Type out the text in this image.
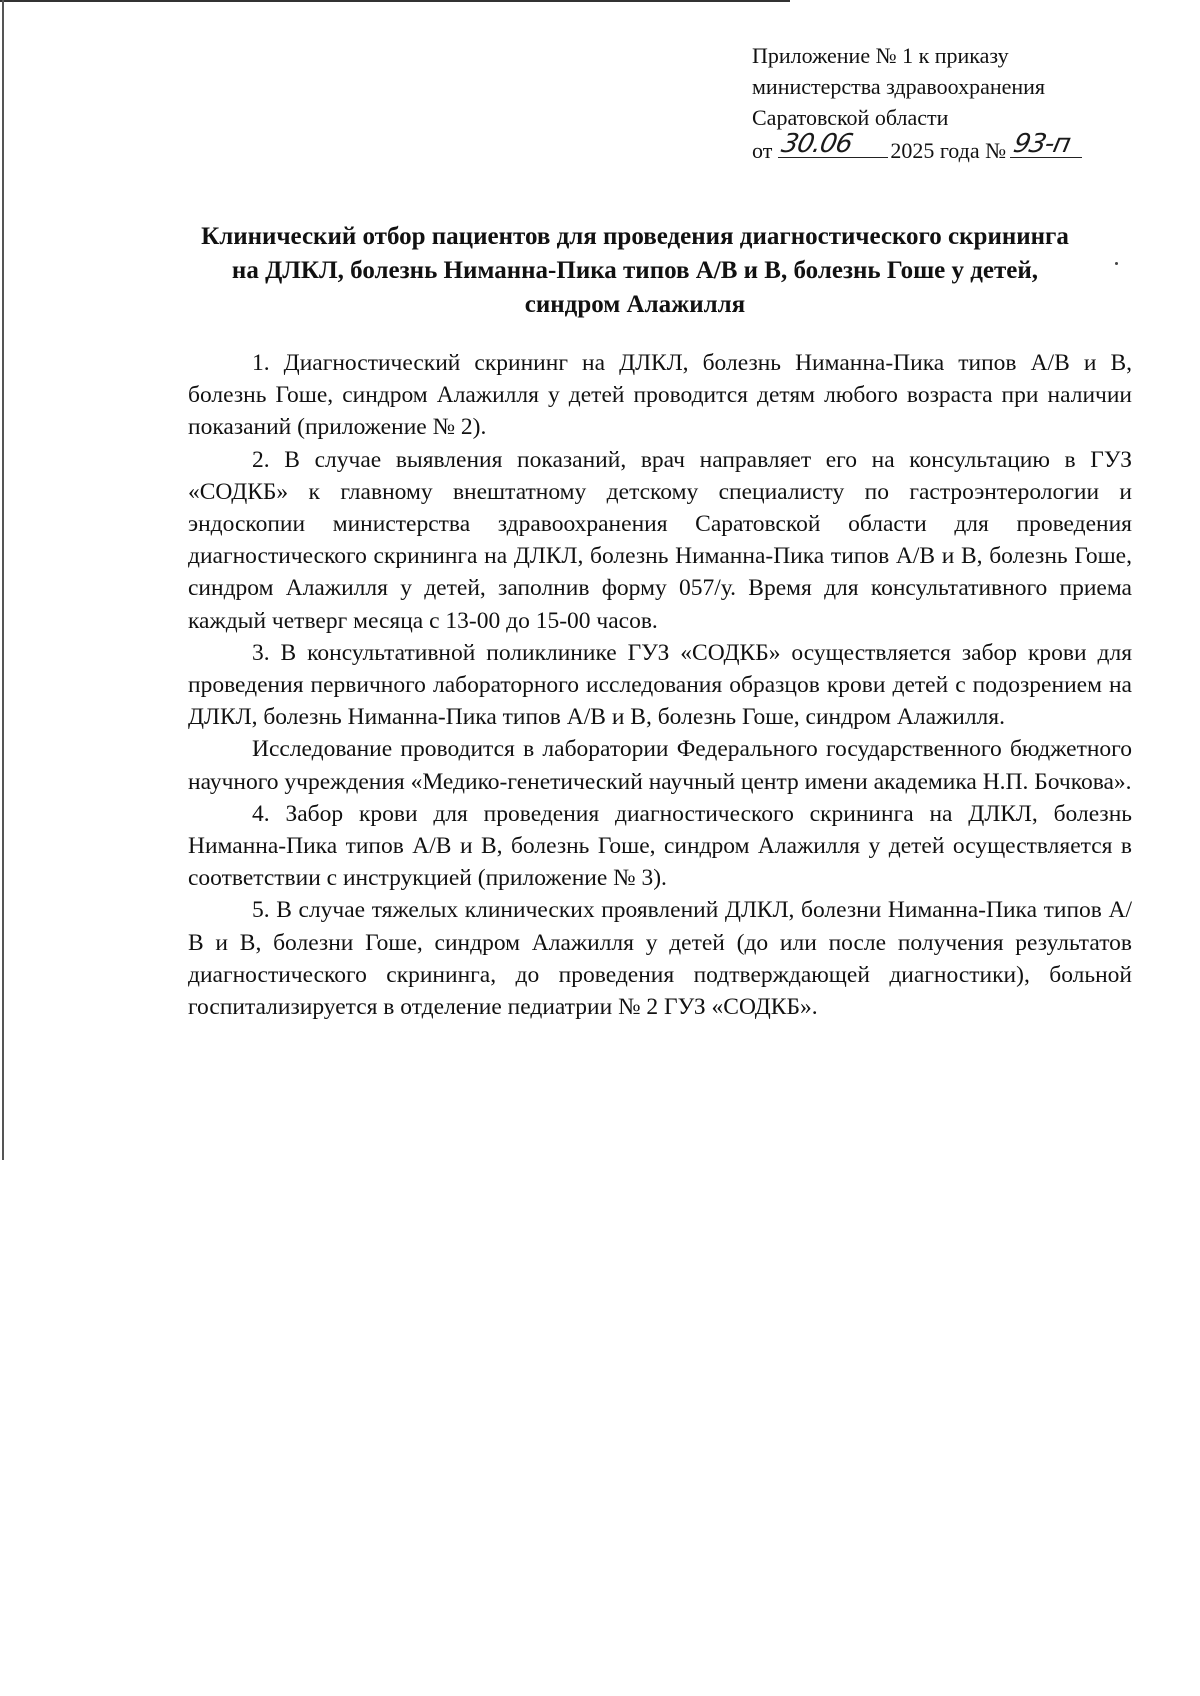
Приложение № 1 к приказу
министерства здравоохранения
Саратовской области
от 30.06 2025 года № 93-п
Клинический отбор пациентов для проведения диагностического скрининга на ДЛКЛ, болезнь Ниманна-Пика типов А/В и В, болезнь Гоше у детей, синдром Алажилля

1. Диагностический скрининг на ДЛКЛ, болезнь Ниманна-Пика типов А/В и В, болезнь Гоше, синдром Алажилля у детей проводится детям любого возраста при наличии показаний (приложение № 2).

2. В случае выявления показаний, врач направляет его на консультацию в ГУЗ «СОДКБ» к главному внештатному детскому специалисту по гастроэнтерологии и эндоскопии министерства здравоохранения Саратовской области для проведения диагностического скрининга на ДЛКЛ, болезнь Ниманна-Пика типов А/В и В, болезнь Гоше, синдром Алажилля у детей, заполнив форму 057/у. Время для консультативного приема каждый четверг месяца с 13-00 до 15-00 часов.

3. В консультативной поликлинике ГУЗ «СОДКБ» осуществляется забор крови для проведения первичного лабораторного исследования образцов крови детей с подозрением на ДЛКЛ, болезнь Ниманна-Пика типов А/В и В, болезнь Гоше, синдром Алажилля.

Исследование проводится в лаборатории Федерального государственного бюджетного научного учреждения «Медико-генетический научный центр имени академика Н.П. Бочкова».

4. Забор крови для проведения диагностического скрининга на ДЛКЛ, болезнь Ниманна-Пика типов А/В и В, болезнь Гоше, синдром Алажилля у детей осуществляется в соответствии с инструкцией (приложение № 3).

5. В случае тяжелых клинических проявлений ДЛКЛ, болезни Ниманна-Пика типов А/В и В, болезни Гоше, синдром Алажилля у детей (до или после получения результатов диагностического скрининга, до проведения подтверждающей диагностики), больной госпитализируется в отделение педиатрии № 2 ГУЗ «СОДКБ».
